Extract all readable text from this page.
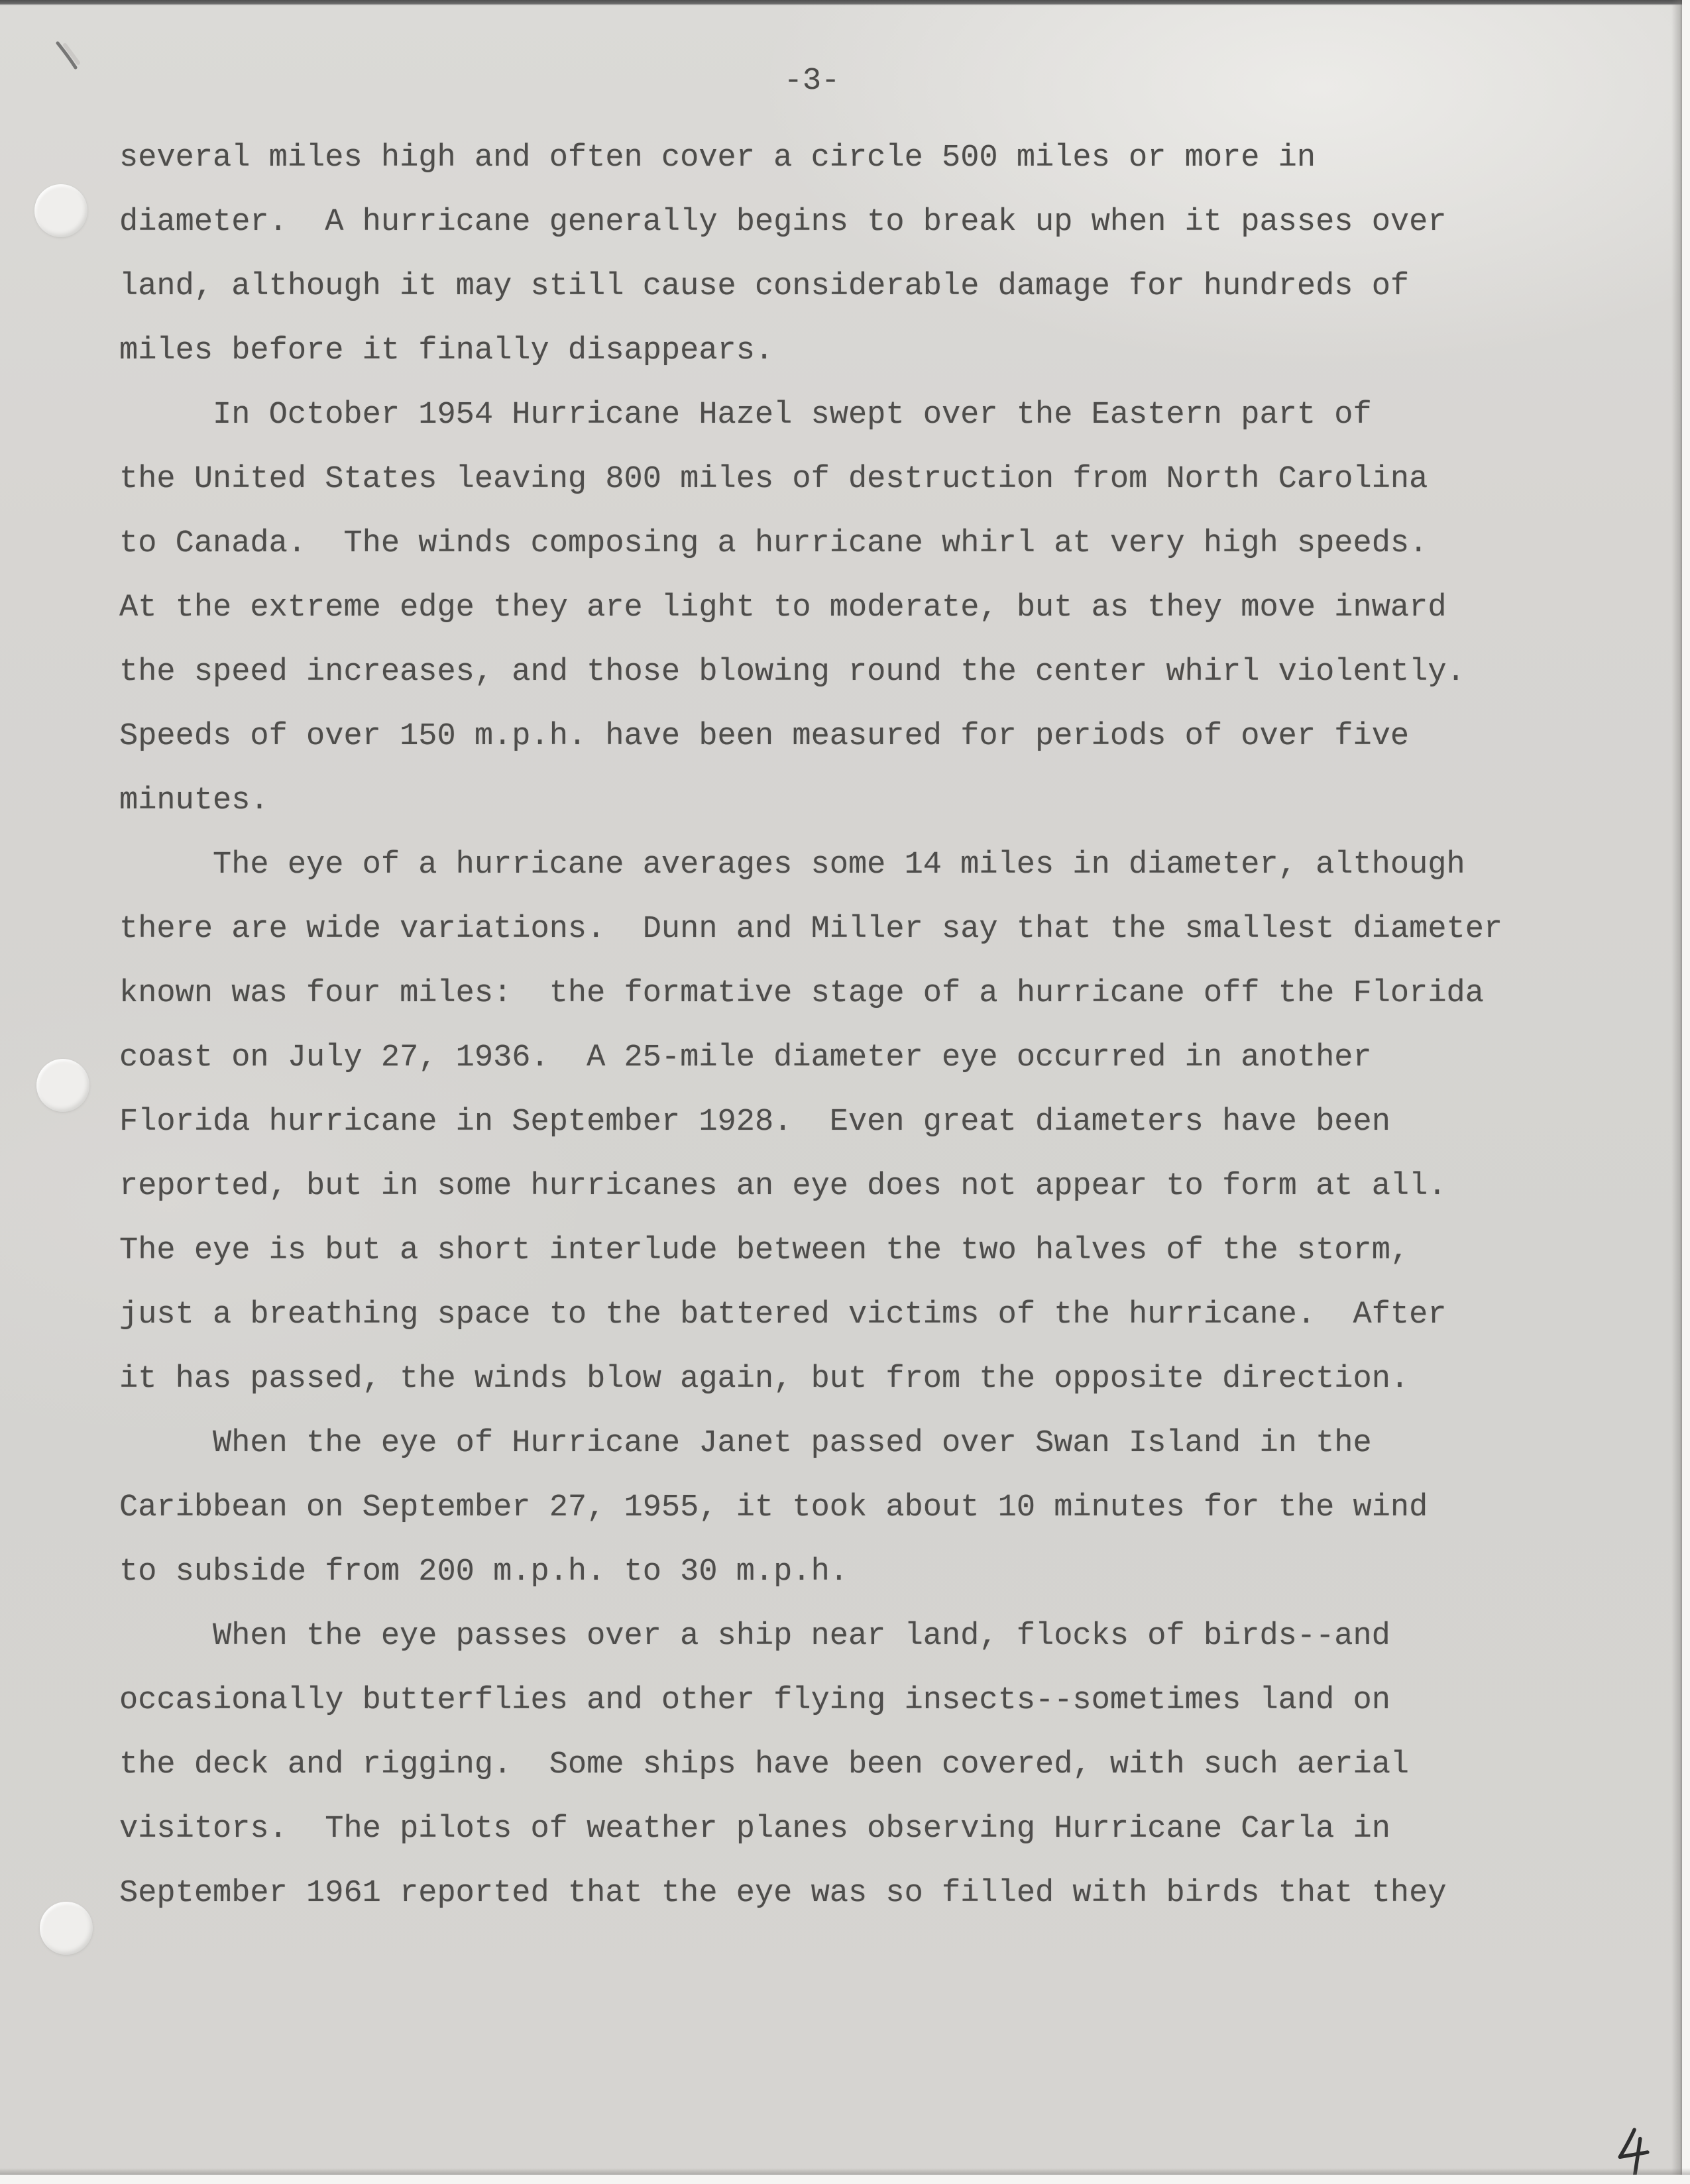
-3-
several miles high and often cover a circle 500 miles or more in
diameter.  A hurricane generally begins to break up when it passes over
land, although it may still cause considerable damage for hundreds of
miles before it finally disappears.
In October 1954 Hurricane Hazel swept over the Eastern part of
the United States leaving 800 miles of destruction from North Carolina
to Canada.  The winds composing a hurricane whirl at very high speeds.
At the extreme edge they are light to moderate, but as they move inward
the speed increases, and those blowing round the center whirl violently.
Speeds of over 150 m.p.h. have been measured for periods of over five
minutes.
The eye of a hurricane averages some 14 miles in diameter, although
there are wide variations.  Dunn and Miller say that the smallest diameter
known was four miles:  the formative stage of a hurricane off the Florida
coast on July 27, 1936.  A 25-mile diameter eye occurred in another
Florida hurricane in September 1928.  Even great diameters have been
reported, but in some hurricanes an eye does not appear to form at all.
The eye is but a short interlude between the two halves of the storm,
just a breathing space to the battered victims of the hurricane.  After
it has passed, the winds blow again, but from the opposite direction.
When the eye of Hurricane Janet passed over Swan Island in the
Caribbean on September 27, 1955, it took about 10 minutes for the wind
to subside from 200 m.p.h. to 30 m.p.h.
When the eye passes over a ship near land, flocks of birds--and
occasionally butterflies and other flying insects--sometimes land on
the deck and rigging.  Some ships have been covered, with such aerial
visitors.  The pilots of weather planes observing Hurricane Carla in
September 1961 reported that the eye was so filled with birds that they
